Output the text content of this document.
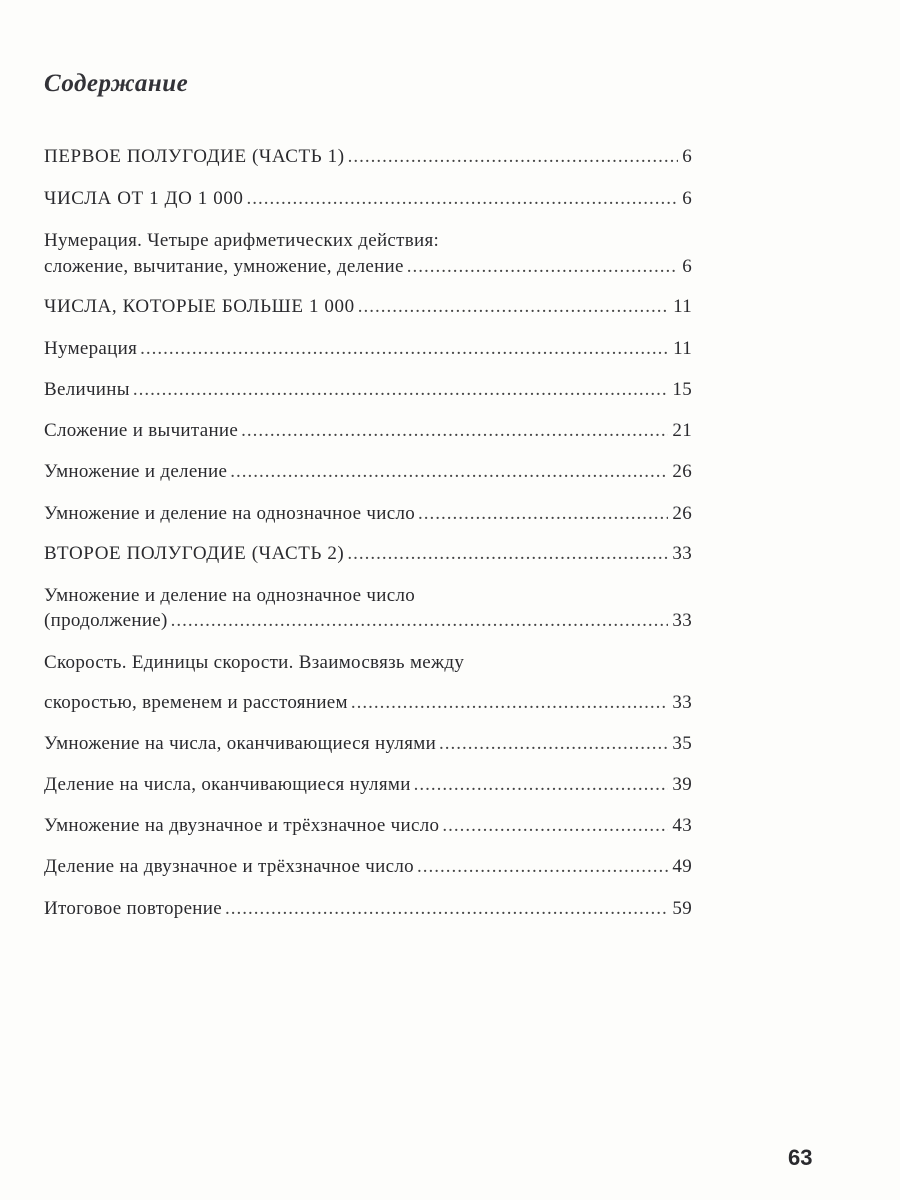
Содержание
ПЕРВОЕ ПОЛУГОДИЕ (ЧАСТЬ 1) .....	6
ЧИСЛА ОТ 1 ДО 1 000 .....	6
Нумерация. Четыре арифметических действия:
сложение, вычитание, умножение, деление .....	6
ЧИСЛА, КОТОРЫЕ БОЛЬШЕ 1 000 .....	11
Нумерация .....	11
Величины .....	15
Сложение и вычитание .....	21
Умножение и деление .....	26
Умножение и деление на однозначное число .....	26
ВТОРОЕ ПОЛУГОДИЕ (ЧАСТЬ 2) .....	33
Умножение и деление на однозначное число
(продолжение) .....	33
Скорость. Единицы скорости. Взаимосвязь между
скоростью, временем и расстоянием .....	33
Умножение на числа, оканчивающиеся нулями .....	35
Деление на числа, оканчивающиеся нулями .....	39
Умножение на двузначное и трёхзначное число .....	43
Деление на двузначное и трёхзначное число .....	49
Итоговое повторение .....	59
63
